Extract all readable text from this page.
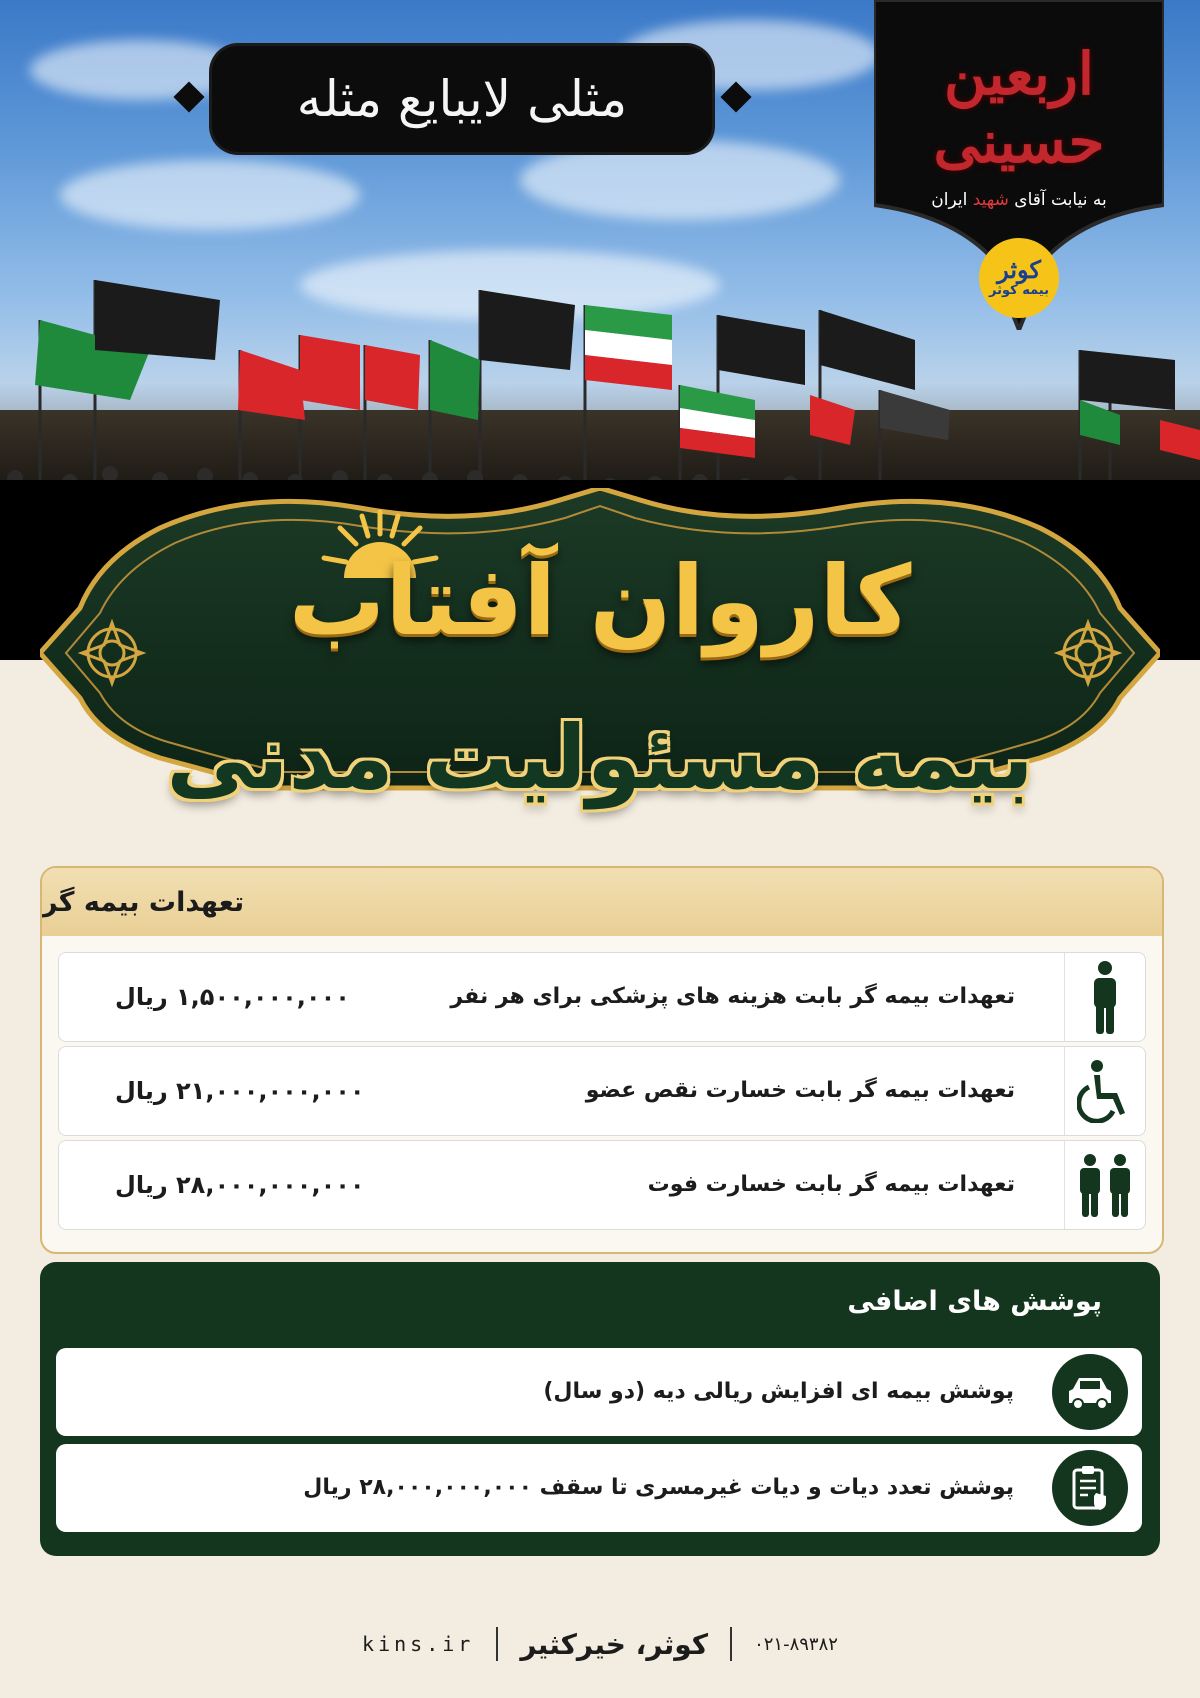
مثلی لایبایع مثله	اربعین حسینی
به نیابت آقای شهید ایران
کوثر
بیمه کوثر
کاروان آفتاب
بیمه مسئولیت مدنی
تعهدات بیمه گر
تعهدات بیمه گر بابت هزینه های پزشکی برای هر نفر
۱,۵۰۰,۰۰۰,۰۰۰ ریال
تعهدات بیمه گر بابت خسارت نقص عضو
۲۱,۰۰۰,۰۰۰,۰۰۰ ریال
تعهدات بیمه گر بابت خسارت فوت
۲۸,۰۰۰,۰۰۰,۰۰۰ ریال
پوشش های اضافی
پوشش بیمه ای افزایش ریالی دیه (دو سال)
پوشش تعدد دیات و دیات غیرمسری تا سقف ۲۸,۰۰۰,۰۰۰,۰۰۰ ریال
kins.ir کوثر، خیرکثیر	۰۲۱-۸۹۳۸۲
